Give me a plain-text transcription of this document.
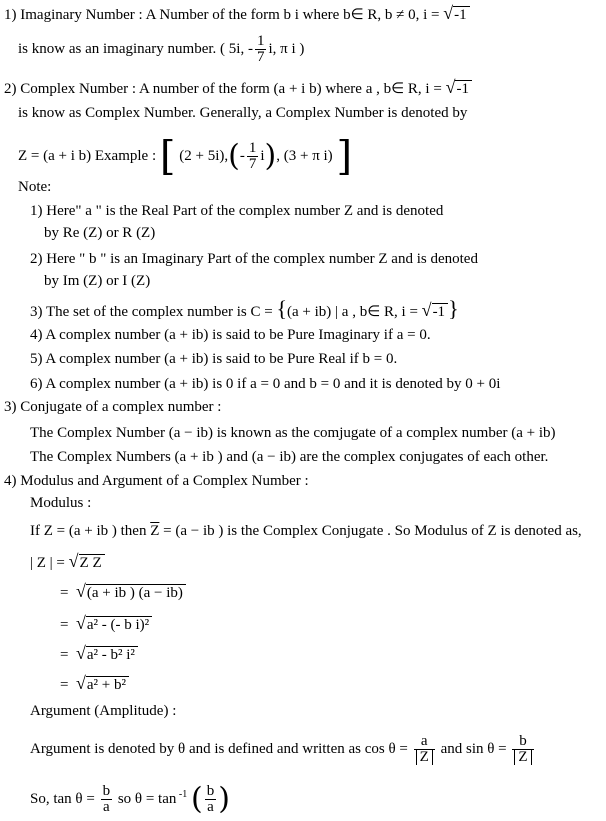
1) Imaginary Number : A Number of the form b i where b∈ R, b ≠ 0, i = √-1
is know as an imaginary number. ( 5i, - $\frac{1}{7} i$, π i )
2) Complex Number : A number of the form (a + i b) where a , b∈ R, i = √-1
is know as Complex Number. Generally, a Complex Number is denoted by
Z = (a + i b) Example : [ $(2 + 5i),(- \frac{1}{7} i)$, (3 + π i) ]
Note:
1) Here" a " is the Real Part of the complex number Z and is denoted
by Re (Z) or R (Z)
2) Here " b " is an Imaginary Part of the complex number Z and is denoted
by Im (Z) or I (Z)
3) The set of the complex number is C = {(a + ib) | a , b∈ R, i = √-1 }
4) A complex number (a + ib) is said to be Pure Imaginary if a = 0.
5) A complex number (a + ib) is said to be Pure Real if b = 0.
6) A complex number (a + ib) is 0 if a = 0 and b = 0 and it is denoted by 0 + 0i
3) Conjugate of a complex number :
The Complex Number (a − ib) is known as the comjugate of a complex number (a + ib)
The Complex Numbers (a + ib ) and (a − ib) are the complex conjugates of each other.
4) Modulus and Argument of a Complex Number :
Modulus :
If Z = (a + ib ) then $\overline{Z} = (a$ − ib ) is the Complex Conjugate . So Modulus of Z is denoted as,
| Z | = √Z $\overline{Z}$
= √(a + ib ) (a − ib)
= √a² - (- b i)²
= √a² - b² i²
= √a² + b²
Argument (Amplitude) :
Argument is denoted by θ and is defined and written as $\cos \theta = \frac{a}{Z}$ and $\sin \theta = \frac{b}{Z}$
So, $\tan \theta = \frac{b}{a}$ so θ = tan $^{-1}$ ( $\frac{b}{a}$ )
